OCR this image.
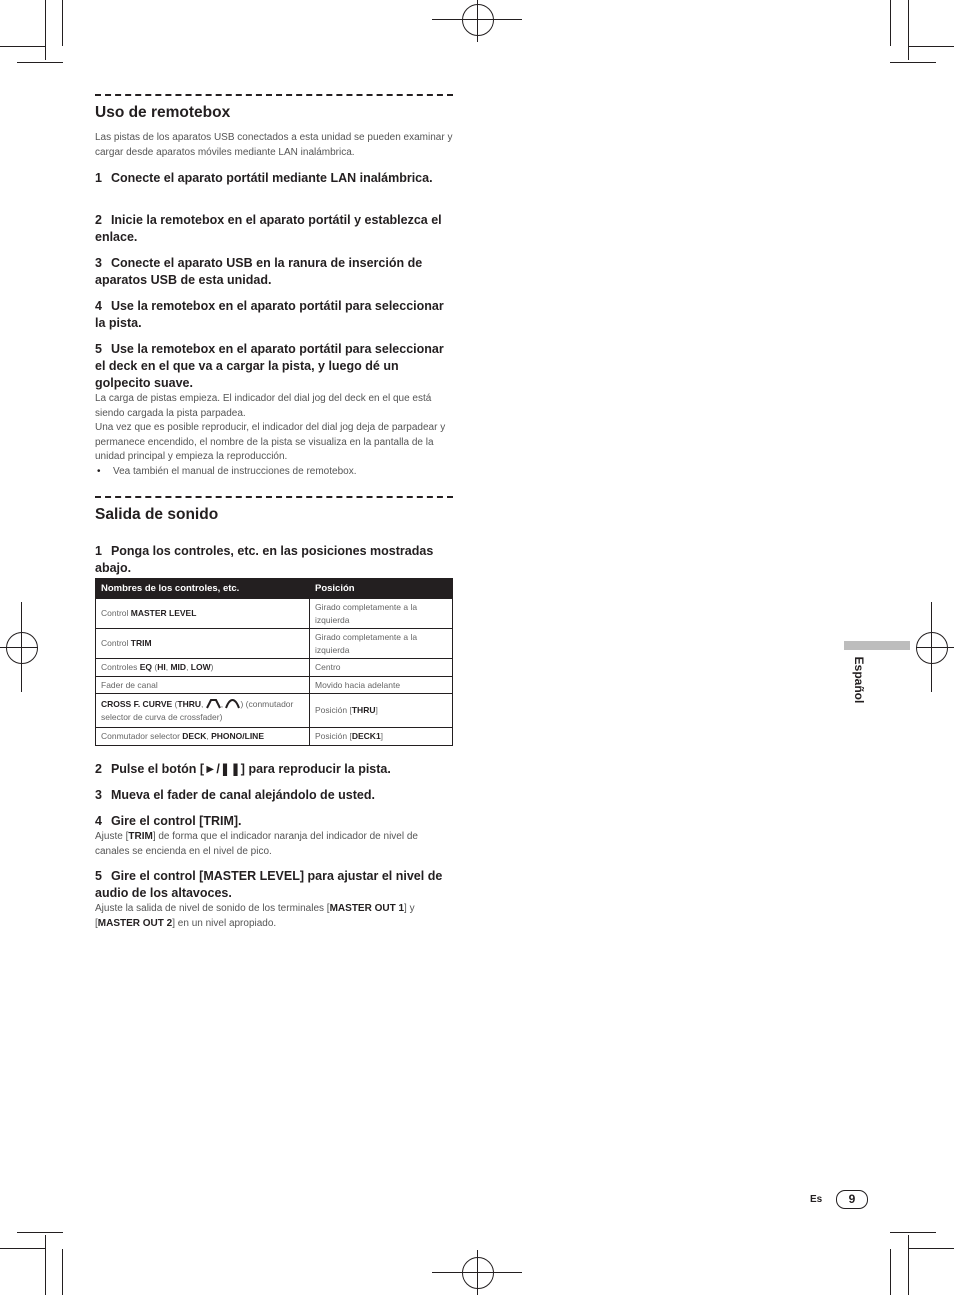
Uso de remotebox

Las pistas de los aparatos USB conectados a esta unidad se pueden examinar y cargar desde aparatos móviles mediante LAN inalámbrica.

1 Conecte el aparato portátil mediante LAN inalámbrica.

2 Inicie la remotebox en el aparato portátil y establezca el enlace.

3 Conecte el aparato USB en la ranura de inserción de aparatos USB de esta unidad.

4 Use la remotebox en el aparato portátil para seleccionar la pista.

5 Use la remotebox en el aparato portátil para seleccionar el deck en el que va a cargar la pista, y luego dé un golpecito suave.

La carga de pistas empieza. El indicador del dial jog del deck en el que está siendo cargada la pista parpadea.

Una vez que es posible reproducir, el indicador del dial jog deja de parpadear y permanece encendido, el nombre de la pista se visualiza en la pantalla de la unidad principal y empieza la reproducción.

• Vea también el manual de instrucciones de remotebox.

Salida de sonido

1 Ponga los controles, etc. en las posiciones mostradas abajo.

Nombres de los controles, etc.	Posición
Control MASTER LEVEL	Girado completamente a la izquierda
Control TRIM	Girado completamente a la izquierda
Controles EQ (HI, MID, LOW)	Centro
Fader de canal	Movido hacia adelante
CROSS F. CURVE (THRU, , ) (conmutador selector de curva de crossfader)	Posición [THRU]
Conmutador selector DECK, PHONO/LINE	Posición [DECK1]

2 Pulse el botón [►/❚❚] para reproducir la pista.

3 Mueva el fader de canal alejándolo de usted.

4 Gire el control [TRIM].

Ajuste [TRIM] de forma que el indicador naranja del indicador de nivel de canales se encienda en el nivel de pico.

5 Gire el control [MASTER LEVEL] para ajustar el nivel de audio de los altavoces.

Ajuste la salida de nivel de sonido de los terminales [MASTER OUT 1] y [MASTER OUT 2] en un nivel apropiado.

Español
Es	9
